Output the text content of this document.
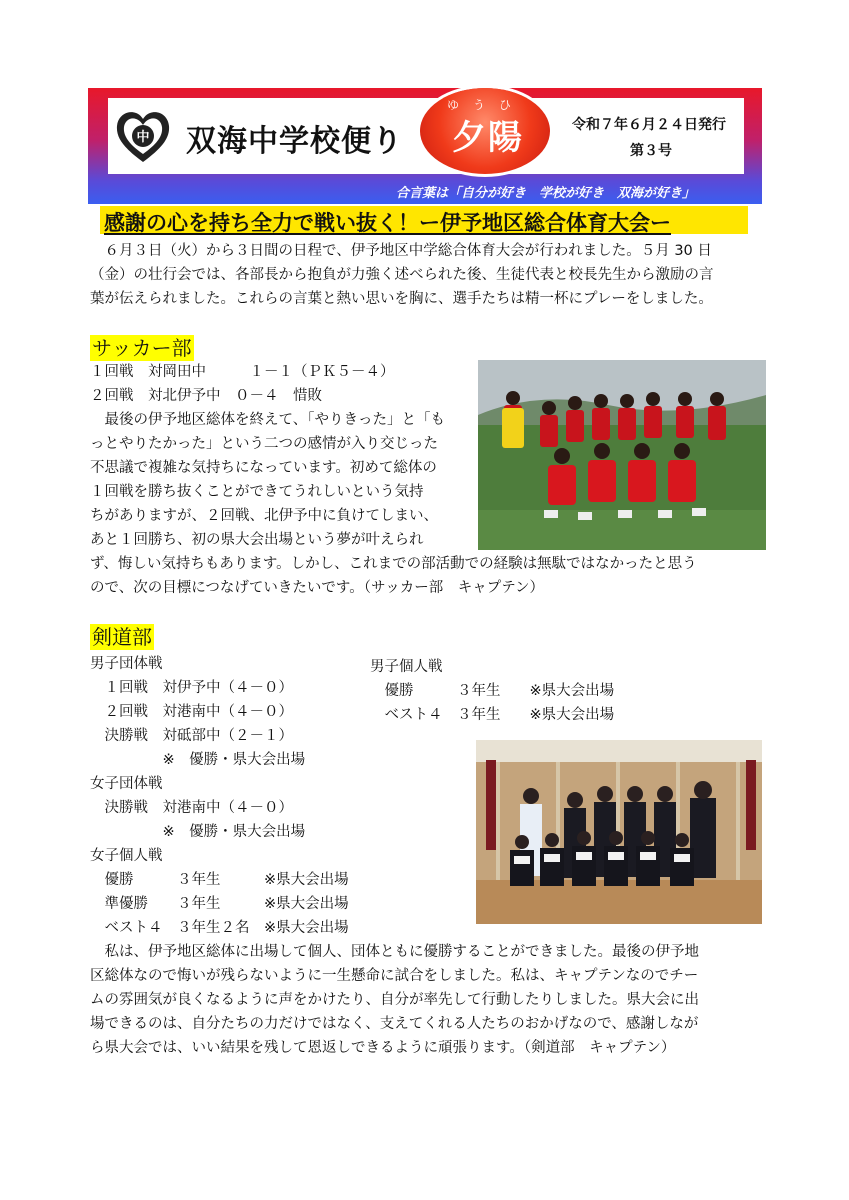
中 双海中学校便り
ゆうひ
夕陽	令和７年６月２４日発行
第３号
合言葉は「自分が好き　学校が好き　双海が好き」
感謝の心を持ち全力で戦い抜く！ー伊予地区総合体育大会ー
　６月３日（火）から３日間の日程で、伊予地区中学総合体育大会が行われました。５月 30 日
（金）の壮行会では、各部長から抱負が力強く述べられた後、生徒代表と校長先生から激励の言
葉が伝えられました。これらの言葉と熱い思いを胸に、選手たちは精一杯にプレーをしました。
サッカー部
１回戦　対岡田中　　　１－１（ＰＫ５－４）
２回戦　対北伊予中　０－４　惜敗
　最後の伊予地区総体を終えて、「やりきった」と「も
っとやりたかった」という二つの感情が入り交じった
不思議で複雑な気持ちになっています。初めて総体の
１回戦を勝ち抜くことができてうれしいという気持
ちがありますが、２回戦、北伊予中に負けてしまい、
あと１回勝ち、初の県大会出場という夢が叶えられ
ず、悔しい気持ちもあります。しかし、これまでの部活動での経験は無駄ではなかったと思う
ので、次の目標につなげていきたいです。（サッカー部　キャプテン）
剣道部
男子団体戦
　１回戦　対伊予中（４－０）
　２回戦　対港南中（４－０）
　決勝戦　対砥部中（２－１）
　　　　　※　優勝・県大会出場
女子団体戦
　決勝戦　対港南中（４－０）
　　　　　※　優勝・県大会出場
女子個人戦
　優勝　　　３年生　　　※県大会出場
　準優勝　　３年生　　　※県大会出場
　ベスト４　３年生２名　※県大会出場
男子個人戦
　優勝　　　３年生　　※県大会出場
　ベスト４　３年生　　※県大会出場
　私は、伊予地区総体に出場して個人、団体ともに優勝することができました。最後の伊予地
区総体なので悔いが残らないように一生懸命に試合をしました。私は、キャプテンなのでチー
ムの雰囲気が良くなるように声をかけたり、自分が率先して行動したりしました。県大会に出
場できるのは、自分たちの力だけではなく、支えてくれる人たちのおかげなので、感謝しなが
ら県大会では、いい結果を残して恩返しできるように頑張ります。（剣道部　キャプテン）
